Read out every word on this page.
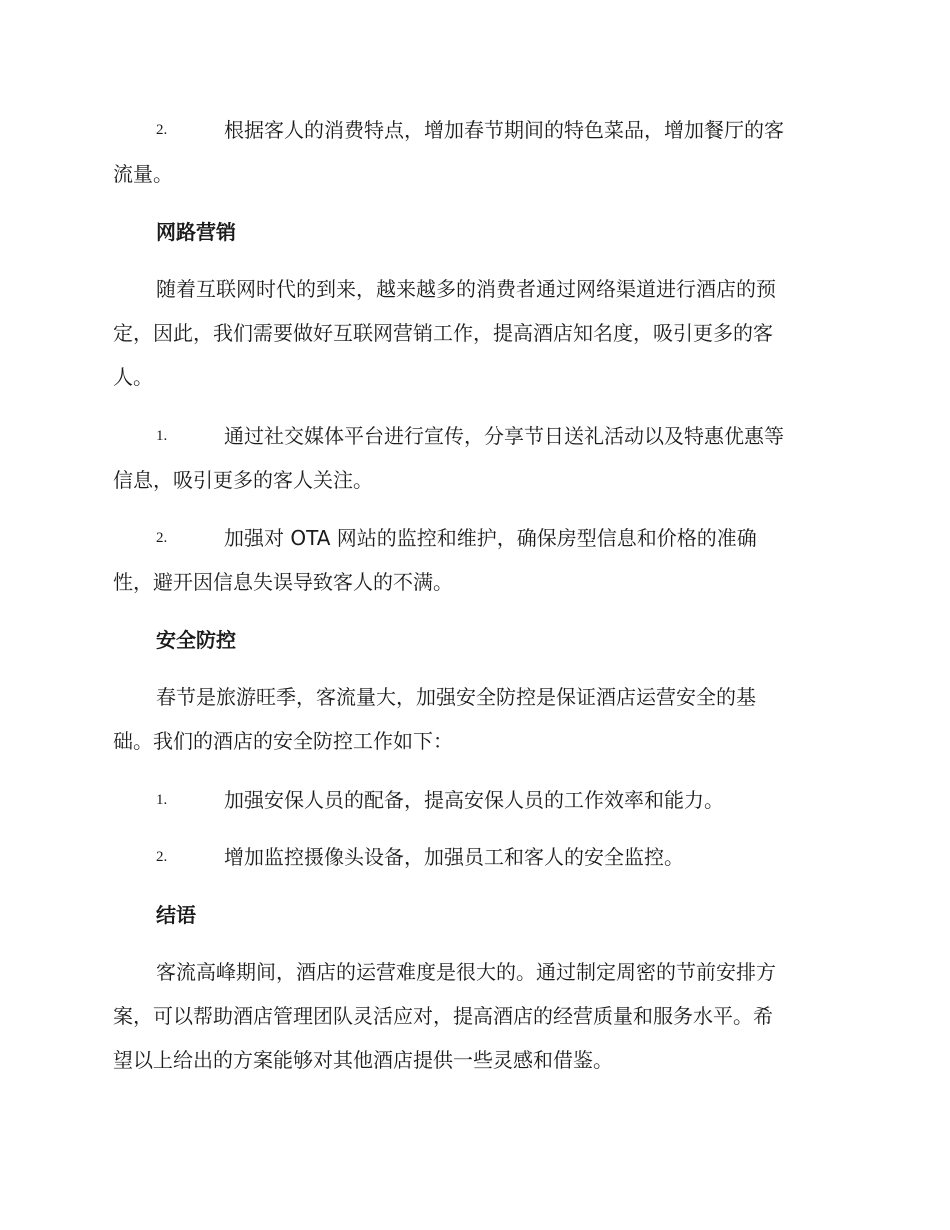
2.	根据客人的消费特点，增加春节期间的特色菜品，增加餐厅的客
流量。
网路营销
随着互联网时代的到来，越来越多的消费者通过网络渠道进行酒店的预
定，因此，我们需要做好互联网营销工作，提高酒店知名度，吸引更多的客
人。
1.	通过社交媒体平台进行宣传，分享节日送礼活动以及特惠优惠等
信息，吸引更多的客人关注。
2.	加强对 OTA 网站的监控和维护，确保房型信息和价格的准确
性，避开因信息失误导致客人的不满。
安全防控
春节是旅游旺季，客流量大，加强安全防控是保证酒店运营安全的基
础。我们的酒店的安全防控工作如下：
1.	加强安保人员的配备，提高安保人员的工作效率和能力。
2.	增加监控摄像头设备，加强员工和客人的安全监控。
结语
客流高峰期间，酒店的运营难度是很大的。通过制定周密的节前安排方
案，可以帮助酒店管理团队灵活应对，提高酒店的经营质量和服务水平。希
望以上给出的方案能够对其他酒店提供一些灵感和借鉴。
